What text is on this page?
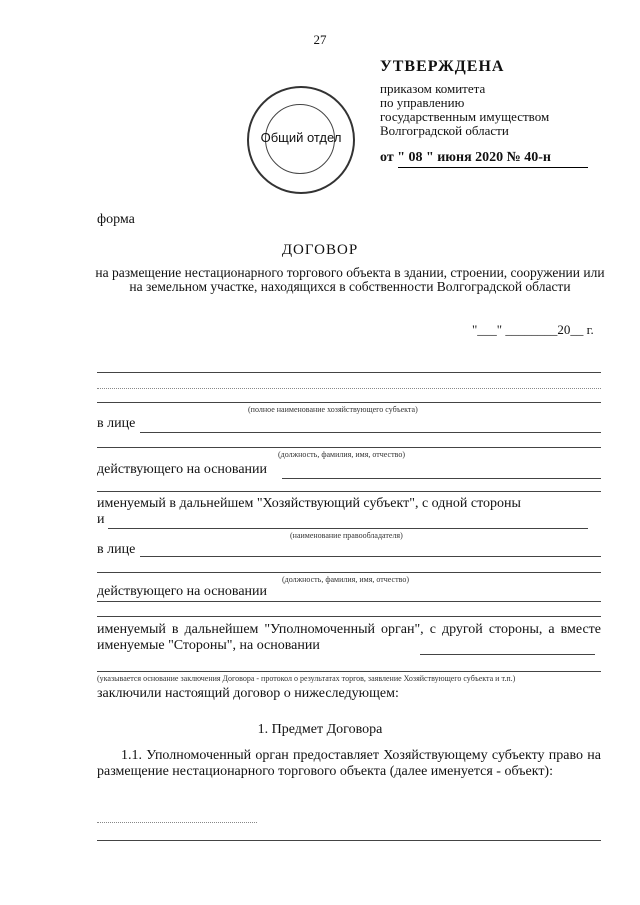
27
УТВЕРЖДЕНА
приказом комитета
по управлению
государственным имуществом
Волгоградской области
от " 08 " июня 2020 № 40-н
Общий отдел
форма
ДОГОВОР
на размещение нестационарного торгового объекта в здании, строении, сооружении или на земельном участке, находящихся в собственности Волгоградской области
"___" ________20__ г.
(полное наименование хозяйствующего субъекта)
в лице
(должность, фамилия, имя, отчество)
действующего на основании
именуемый в дальнейшем "Хозяйствующий субъект", с одной стороны
и
(наименование правообладателя)
в лице
(должность, фамилия, имя, отчество)
действующего на основании
именуемый в дальнейшем "Уполномоченный орган", с другой стороны, а вместе именуемые "Стороны", на основании
(указывается основание заключения Договора - протокол о результатах торгов, заявление Хозяйствующего субъекта и т.п.)
заключили настоящий договор о нижеследующем:
1. Предмет Договора
1.1. Уполномоченный орган предоставляет Хозяйствующему субъекту право на размещение нестационарного торгового объекта (далее именуется - объект):
